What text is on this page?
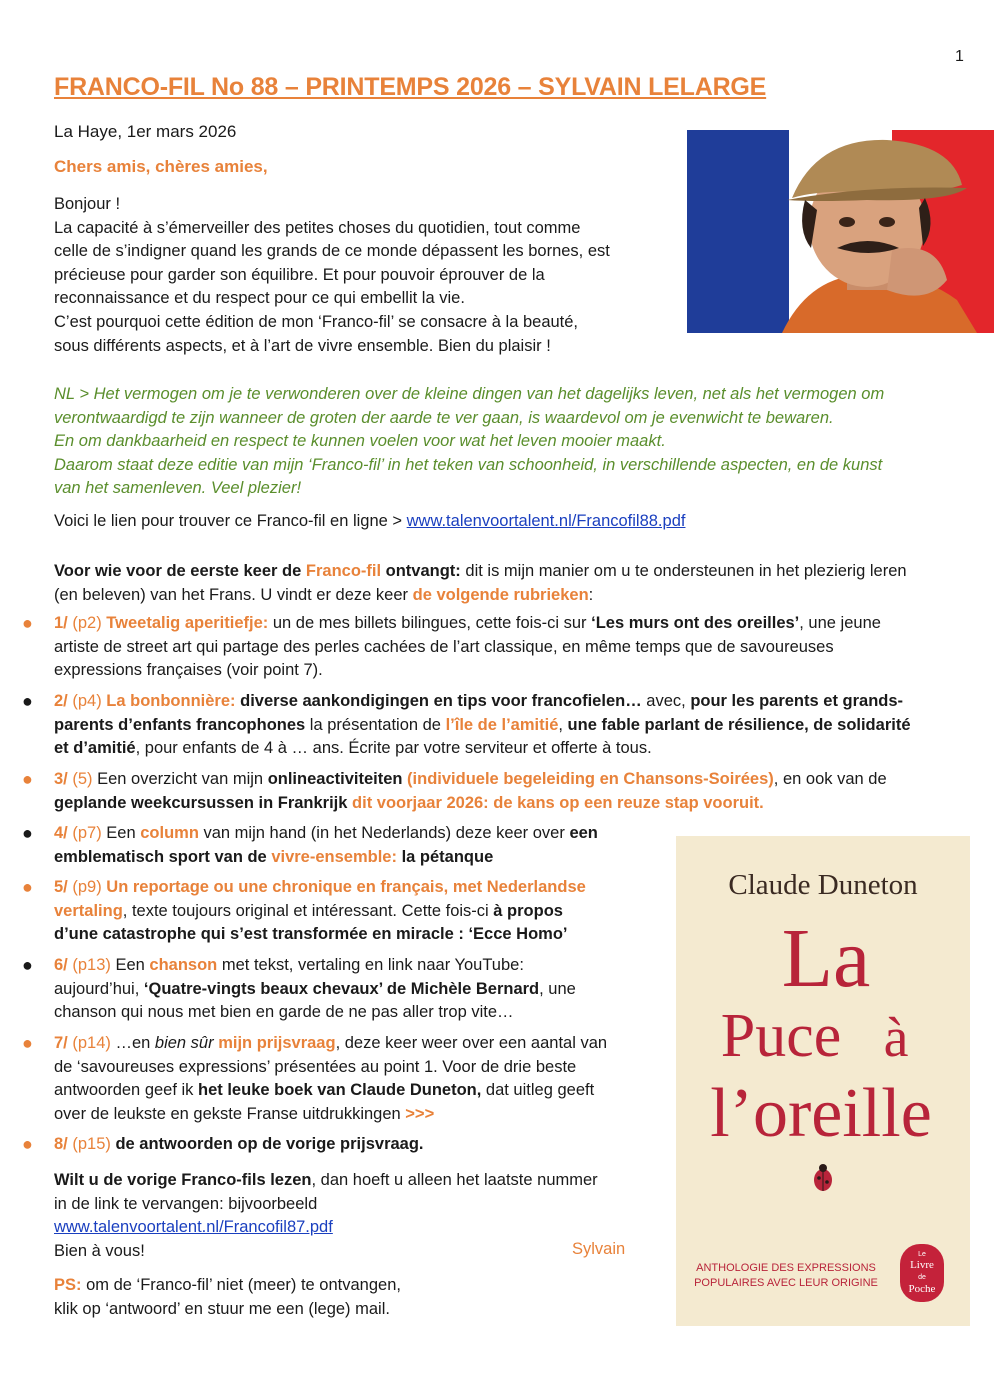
1
FRANCO-FIL No 88 – PRINTEMPS 2026 – SYLVAIN LELARGE
La Haye, 1er mars 2026
Chers amis, chères amies,
Bonjour !
La capacité à s’émerveiller des petites choses du quotidien, tout comme
celle de s’indigner quand les grands de ce monde dépassent les bornes, est
précieuse pour garder son équilibre. Et pour pouvoir éprouver de la
reconnaissance et du respect pour ce qui embellit la vie.
C’est pourquoi cette édition de mon ‘Franco-fil’ se consacre à la beauté,
sous différents aspects, et à l’art de vivre ensemble. Bien du plaisir !
NL > Het vermogen om je te verwonderen over de kleine dingen van het dagelijks leven, net als het vermogen om
verontwaardigd te zijn wanneer de groten der aarde te ver gaan, is waardevol om je evenwicht te bewaren.
En om dankbaarheid en respect te kunnen voelen voor wat het leven mooier maakt.
Daarom staat deze editie van mijn ‘Franco-fil’ in het teken van schoonheid, in verschillende aspecten, en de kunst
van het samenleven. Veel plezier!
Voici le lien pour trouver ce Franco-fil en ligne > www.talenvoortalent.nl/Francofil88.pdf
Voor wie voor de eerste keer de Franco-fil ontvangt: dit is mijn manier om u te ondersteunen in het plezierig leren
(en beleven) van het Frans. U vindt er deze keer de volgende rubrieken:
● 1/ (p2) Tweetalig aperitiefje: un de mes billets bilingues, cette fois-ci sur ‘Les murs ont des oreilles’, une jeune
artiste de street art qui partage des perles cachées de l’art classique, en même temps que de savoureuses
expressions françaises (voir point 7).
● 2/ (p4) La bonbonnière: diverse aankondigingen en tips voor francofielen… avec, pour les parents et grands-
parents d’enfants francophones la présentation de l’île de l’amitié, une fable parlant de résilience, de solidarité
et d’amitié, pour enfants de 4 à … ans. Écrite par votre serviteur et offerte à tous.
● 3/ (5) Een overzicht van mijn onlineactiviteiten (individuele begeleiding en Chansons-Soirées), en ook van de
geplande weekcursussen in Frankrijk dit voorjaar 2026: de kans op een reuze stap vooruit.
● 4/ (p7) Een column van mijn hand (in het Nederlands) deze keer over een
emblematisch sport van de vivre-ensemble: la pétanque
● 5/ (p9) Un reportage ou une chronique en français, met Nederlandse
vertaling, texte toujours original et intéressant. Cette fois-ci à propos
d’une catastrophe qui s’est transformée en miracle : ‘Ecce Homo’
● 6/ (p13) Een chanson met tekst, vertaling en link naar YouTube:
aujourd’hui, ‘Quatre-vingts beaux chevaux’ de Michèle Bernard, une
chanson qui nous met bien en garde de ne pas aller trop vite…
● 7/ (p14) …en bien sûr mijn prijsvraag, deze keer weer over een aantal van
de ‘savoureuses expressions’ présentées au point 1. Voor de drie beste
antwoorden geef ik het leuke boek van Claude Duneton, dat uitleg geeft
over de leukste en gekste Franse uitdrukkingen >>>
● 8/ (p15) de antwoorden op de vorige prijsvraag.
Wilt u de vorige Franco-fils lezen, dan hoeft u alleen het laatste nummer
in de link te vervangen: bijvoorbeeld
www.talenvoortalent.nl/Francofil87.pdf
Bien à vous!	Sylvain
PS: om de ‘Franco-fil’ niet (meer) te ontvangen,
klik op ‘antwoord’ en stuur me een (lege) mail.
Claude Duneton
La
Puce à
l’oreille
ANTHOLOGIE DES EXPRESSIONS
POPULAIRES AVEC LEUR ORIGINE
Le
Livre
de
Poche
